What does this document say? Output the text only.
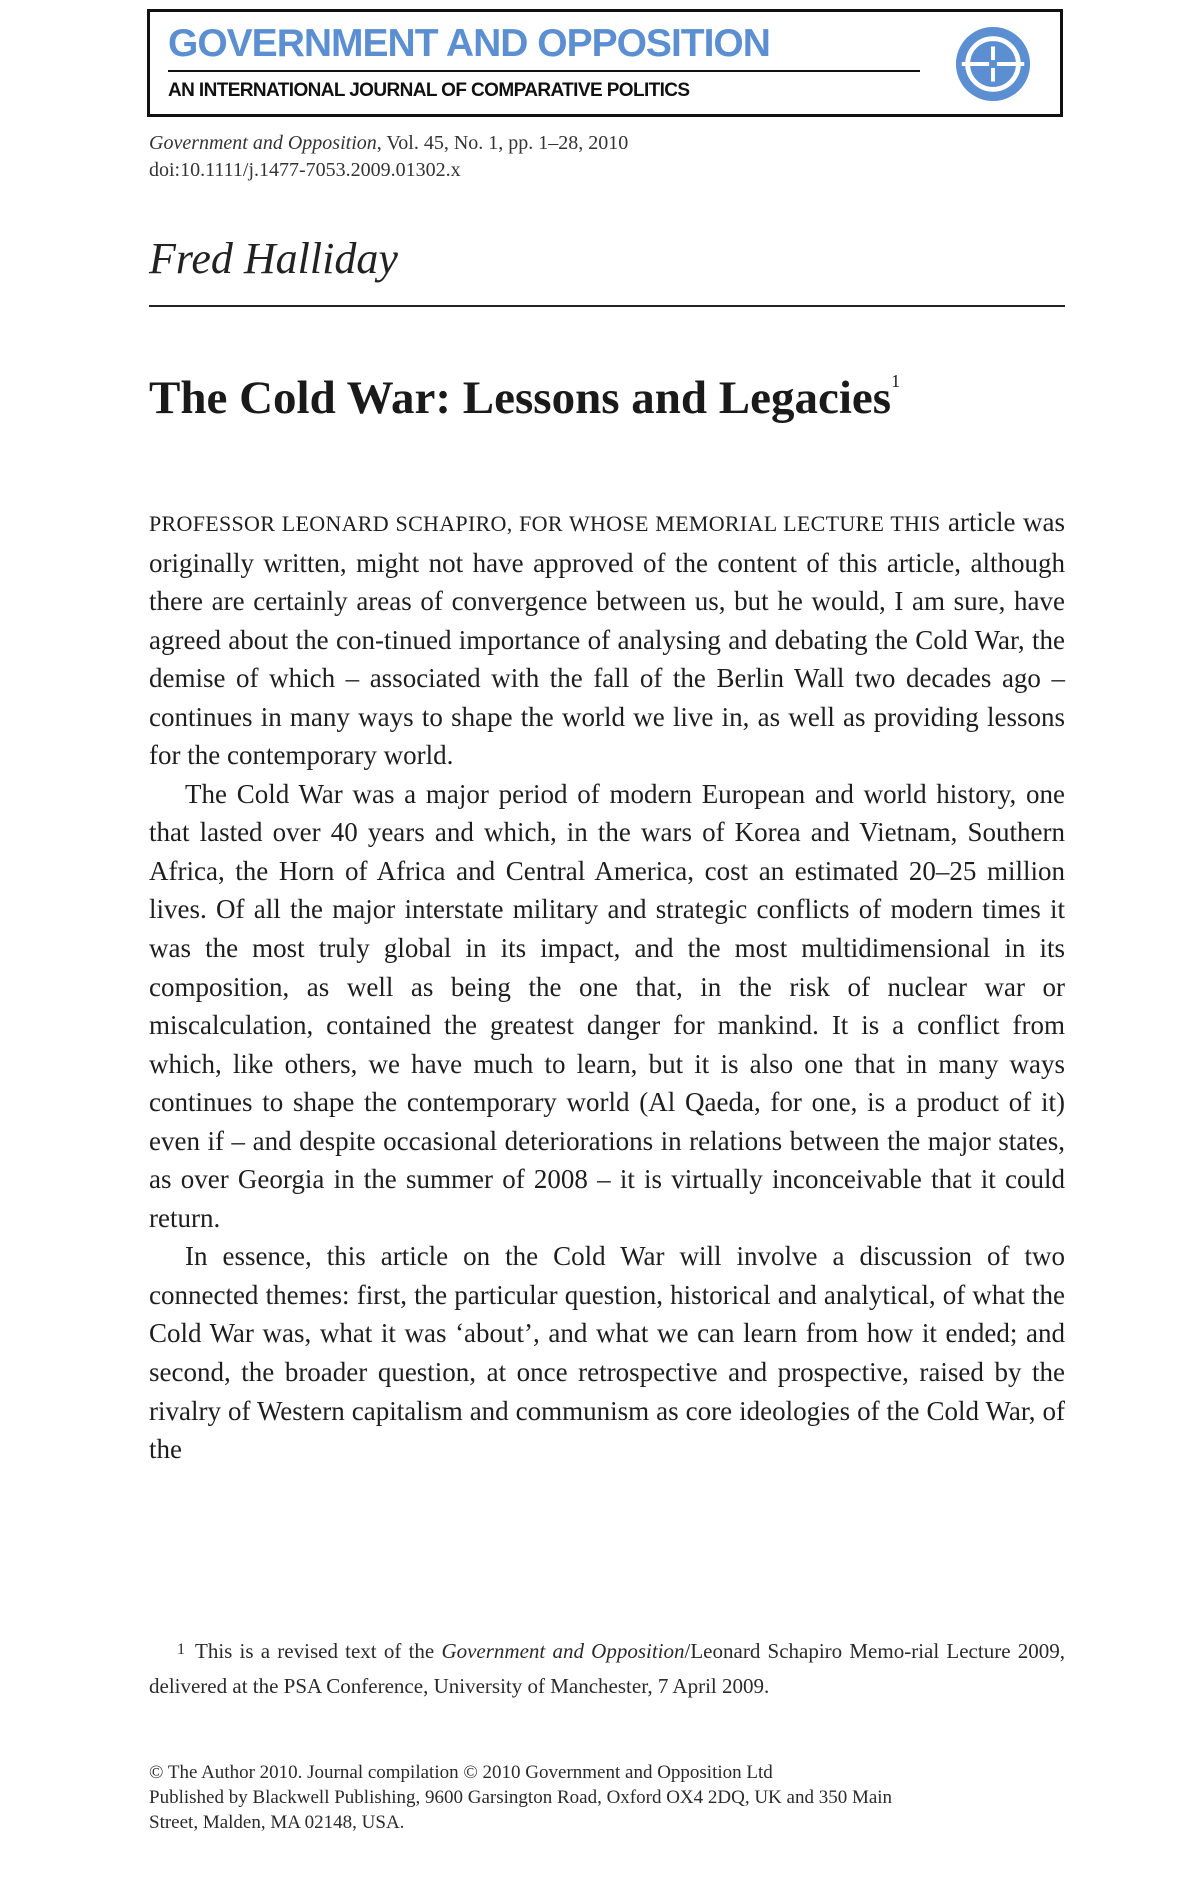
GOVERNMENT AND OPPOSITION
AN INTERNATIONAL JOURNAL OF COMPARATIVE POLITICS
Government and Opposition, Vol. 45, No. 1, pp. 1–28, 2010
doi:10.1111/j.1477-7053.2009.01302.x
Fred Halliday
The Cold War: Lessons and Legacies$^1$

PROFESSOR LEONARD SCHAPIRO, FOR WHOSE MEMORIAL LECTURE THIS article was originally written, might not have approved of the content of this article, although there are certainly areas of convergence between us, but he would, I am sure, have agreed about the con-tinued importance of analysing and debating the Cold War, the demise of which – associated with the fall of the Berlin Wall two decades ago – continues in many ways to shape the world we live in, as well as providing lessons for the contemporary world.

The Cold War was a major period of modern European and world history, one that lasted over 40 years and which, in the wars of Korea and Vietnam, Southern Africa, the Horn of Africa and Central America, cost an estimated 20–25 million lives. Of all the major interstate military and strategic conflicts of modern times it was the most truly global in its impact, and the most multidimensional in its composition, as well as being the one that, in the risk of nuclear war or miscalculation, contained the greatest danger for mankind. It is a conflict from which, like others, we have much to learn, but it is also one that in many ways continues to shape the contemporary world (Al Qaeda, for one, is a product of it) even if – and despite occasional deteriorations in relations between the major states, as over Georgia in the summer of 2008 – it is virtually inconceivable that it could return.

In essence, this article on the Cold War will involve a discussion of two connected themes: first, the particular question, historical and analytical, of what the Cold War was, what it was ‘about’, and what we can learn from how it ended; and second, the broader question, at once retrospective and prospective, raised by the rivalry of Western capitalism and communism as core ideologies of the Cold War, of the

1 This is a revised text of the Government and Opposition/Leonard Schapiro Memo-rial Lecture 2009, delivered at the PSA Conference, University of Manchester, 7 April 2009.
© The Author 2010. Journal compilation © 2010 Government and Opposition Ltd
Published by Blackwell Publishing, 9600 Garsington Road, Oxford OX4 2DQ, UK and 350 Main
Street, Malden, MA 02148, USA.
